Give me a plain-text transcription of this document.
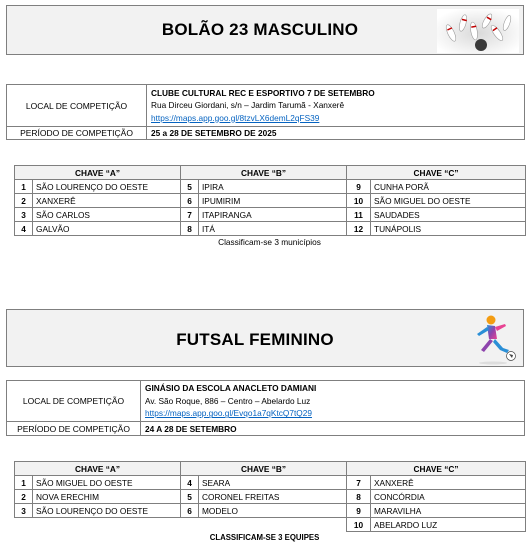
BOLÃO 23 MASCULINO
LOCAL DE COMPETIÇÃO	CLUBE CULTURAL REC E ESPORTIVO 7 DE SETEMBRO
Rua Dirceu Giordani, s/n – Jardim Tarumã - Xanxerê
https://maps.app.goo.gl/8tzvLX6demL2qFS39

PERÍODO DE COMPETIÇÃO	25 a 28 DE SETEMBRO DE 2025
CHAVE “A”		CHAVE “B”		CHAVE “C”	
1	SÃO LOURENÇO DO OESTE	5	IPIRA	9	CUNHA PORÃ
2	XANXERÊ	6	IPUMIRIM	10	SÃO MIGUEL DO OESTE
3	SÃO CARLOS	7	ITAPIRANGA	11	SAUDADES
4	GALVÃO	8	ITÁ	12	TUNÁPOLIS
Classificam-se 3 municípios
FUTSAL FEMININO
LOCAL DE COMPETIÇÃO	GINÁSIO DA ESCOLA ANACLETO DAMIANI
Av. São Roque, 886 – Centro – Abelardo Luz
https://maps.app.goo.gl/Evqo1a7qKtcQ7tQ29

PERÍODO DE COMPETIÇÃO	24 A 28 DE SETEMBRO
CHAVE “A”		CHAVE “B”		CHAVE “C”	
1	SÃO MIGUEL DO OESTE	4	SEARA	7	XANXERÊ
2	NOVA ERECHIM	5	CORONEL FREITAS	8	CONCÓRDIA
3	SÃO LOURENÇO DO OESTE	6	MODELO	9	MARAVILHA
				10	ABELARDO LUZ
CLASSIFICAM-SE 3 EQUIPES
